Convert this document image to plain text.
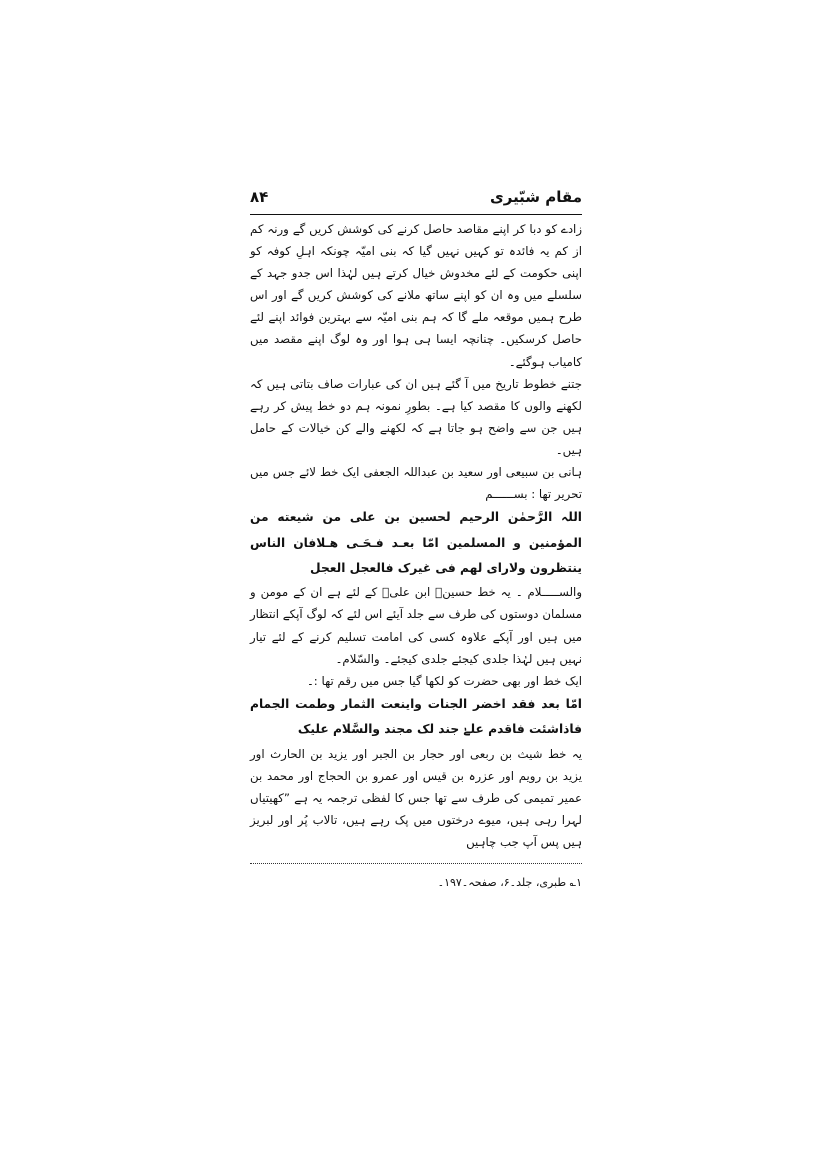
مقام شبّیری
۸۴

زادے کو دبا کر اپنے مقاصد حاصل کرنے کی کوشش کریں گے ورنہ کم از کم یہ فائدہ تو کہیں نہیں گیا کہ بنی امیّہ چونکہ اہلِ کوفہ کو اپنی حکومت کے لئے مخدوش خیال کرتے ہیں لہٰذا اس جدو جہد کے سلسلے میں وہ ان کو اپنے ساتھ ملانے کی کوشش کریں گے اور اس طرح ہمیں موقعہ ملے گا کہ ہم بنی امیّہ سے بہترین فوائد اپنے لئے حاصل کرسکیں۔ چنانچہ ایسا ہی ہوا اور وہ لوگ اپنے مقصد میں کامیاب ہوگئے۔

جتنے خطوط تاریخ میں آ گئے ہیں ان کی عبارات صاف بتاتی ہیں کہ لکھنے والوں کا مقصد کیا ہے۔ بطورِ نمونہ ہم دو خط پیش کر رہے ہیں جن سے واضح ہو جاتا ہے کہ لکھنے والے کن خیالات کے حامل ہیں۔

ہانی بن سبیعی اور سعید بن عبداللہ الجعفی ایک خط لائے جس میں تحریر تھا : بســــــم

اللہ الرَّحمٰن الرحیم لحسین بن علی من شیعته من المؤمنین و المسلمین امّا بعـد فـحَـی هـلافان الناس ینتظرون ولارای لهم فی غیرک فالعجل العجل

والســـــلام ۔ یہ خط حسینؑ ابن علیؑ کے لئے ہے ان کے مومن و مسلمان دوستوں کی طرف سے جلد آیئے اس لئے کہ لوگ آپکے انتظار میں ہیں اور آپکے علاوہ کسی کی امامت تسلیم کرنے کے لئے تیار نہیں ہیں لہٰذا جلدی کیجئے جلدی کیجئے۔ والسّلام۔

ایک خط اور بھی حضرت کو لکھا گیا جس میں رقم تھا :۔

امّا بعد فقد اخضر الجنات واینعت الثمار وطمت الجمام فاذاشئت فاقدم علےٰ جند لک مجند والسَّلام علیک

یہ خط شیث بن ربعی اور حجار بن الجبر اور یزید بن الحارث اور یزید بن رویم اور عزرہ بن قیس اور عمرو بن الحجاج اور محمد بن عمیر تمیمی کی طرف سے تھا جس کا لفظی ترجمہ یہ ہے ”کھیتیاں لہرا رہی ہیں، میوے درختوں میں پک رہے ہیں، تالاب پُر اور لبریز ہیں پس آپ جب چاہیں

۱؎ طبری، جلد۔۶، صفحہ۔۱۹۷۔
